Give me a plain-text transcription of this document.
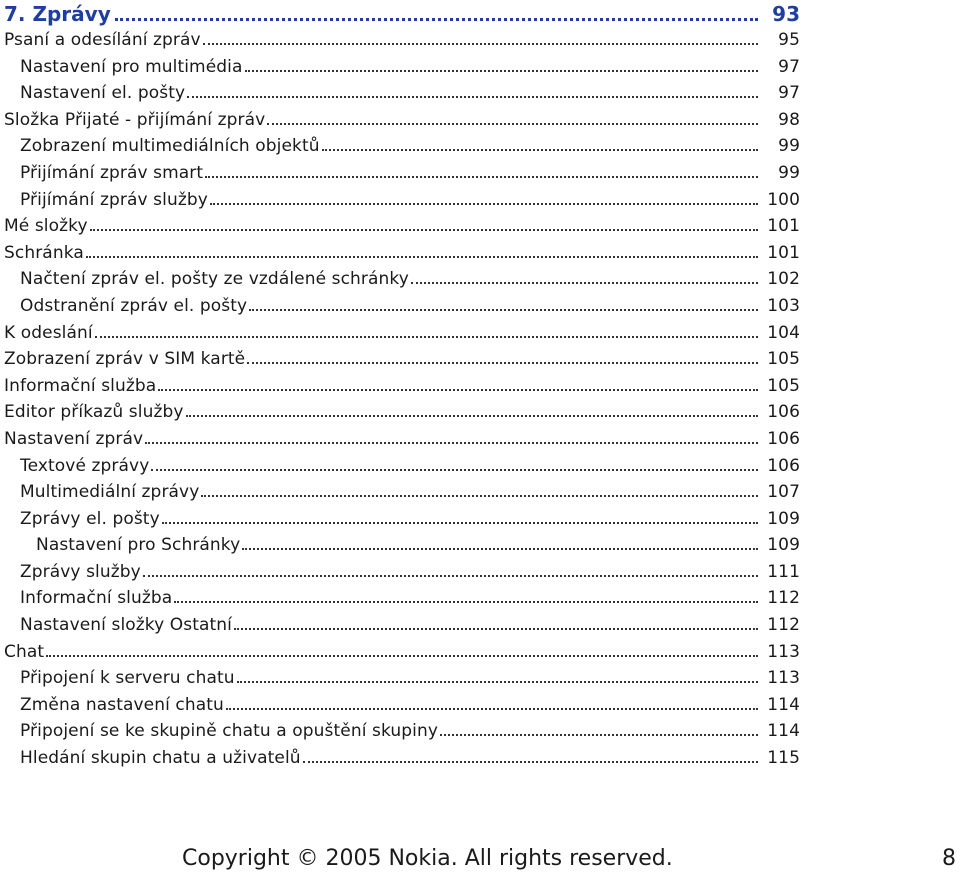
7. Zprávy	93
Psaní a odesílání zpráv	95
Nastavení pro multimédia	97
Nastavení el. pošty	97
Složka Přijaté - přijímání zpráv	98
Zobrazení multimediálních objektů	99
Přijímání zpráv smart	99
Přijímání zpráv služby	100
Mé složky	101
Schránka	101
Načtení zpráv el. pošty ze vzdálené schránky	102
Odstranění zpráv el. pošty	103
K odeslání	104
Zobrazení zpráv v SIM kartě	105
Informační služba	105
Editor příkazů služby	106
Nastavení zpráv	106
Textové zprávy	106
Multimediální zprávy	107
Zprávy el. pošty	109
Nastavení pro Schránky	109
Zprávy služby	111
Informační služba	112
Nastavení složky Ostatní	112
Chat	113
Připojení k serveru chatu	113
Změna nastavení chatu	114
Připojení se ke skupině chatu a opuštění skupiny	114
Hledání skupin chatu a uživatelů	115
Copyright © 2005 Nokia. All rights reserved.	8
